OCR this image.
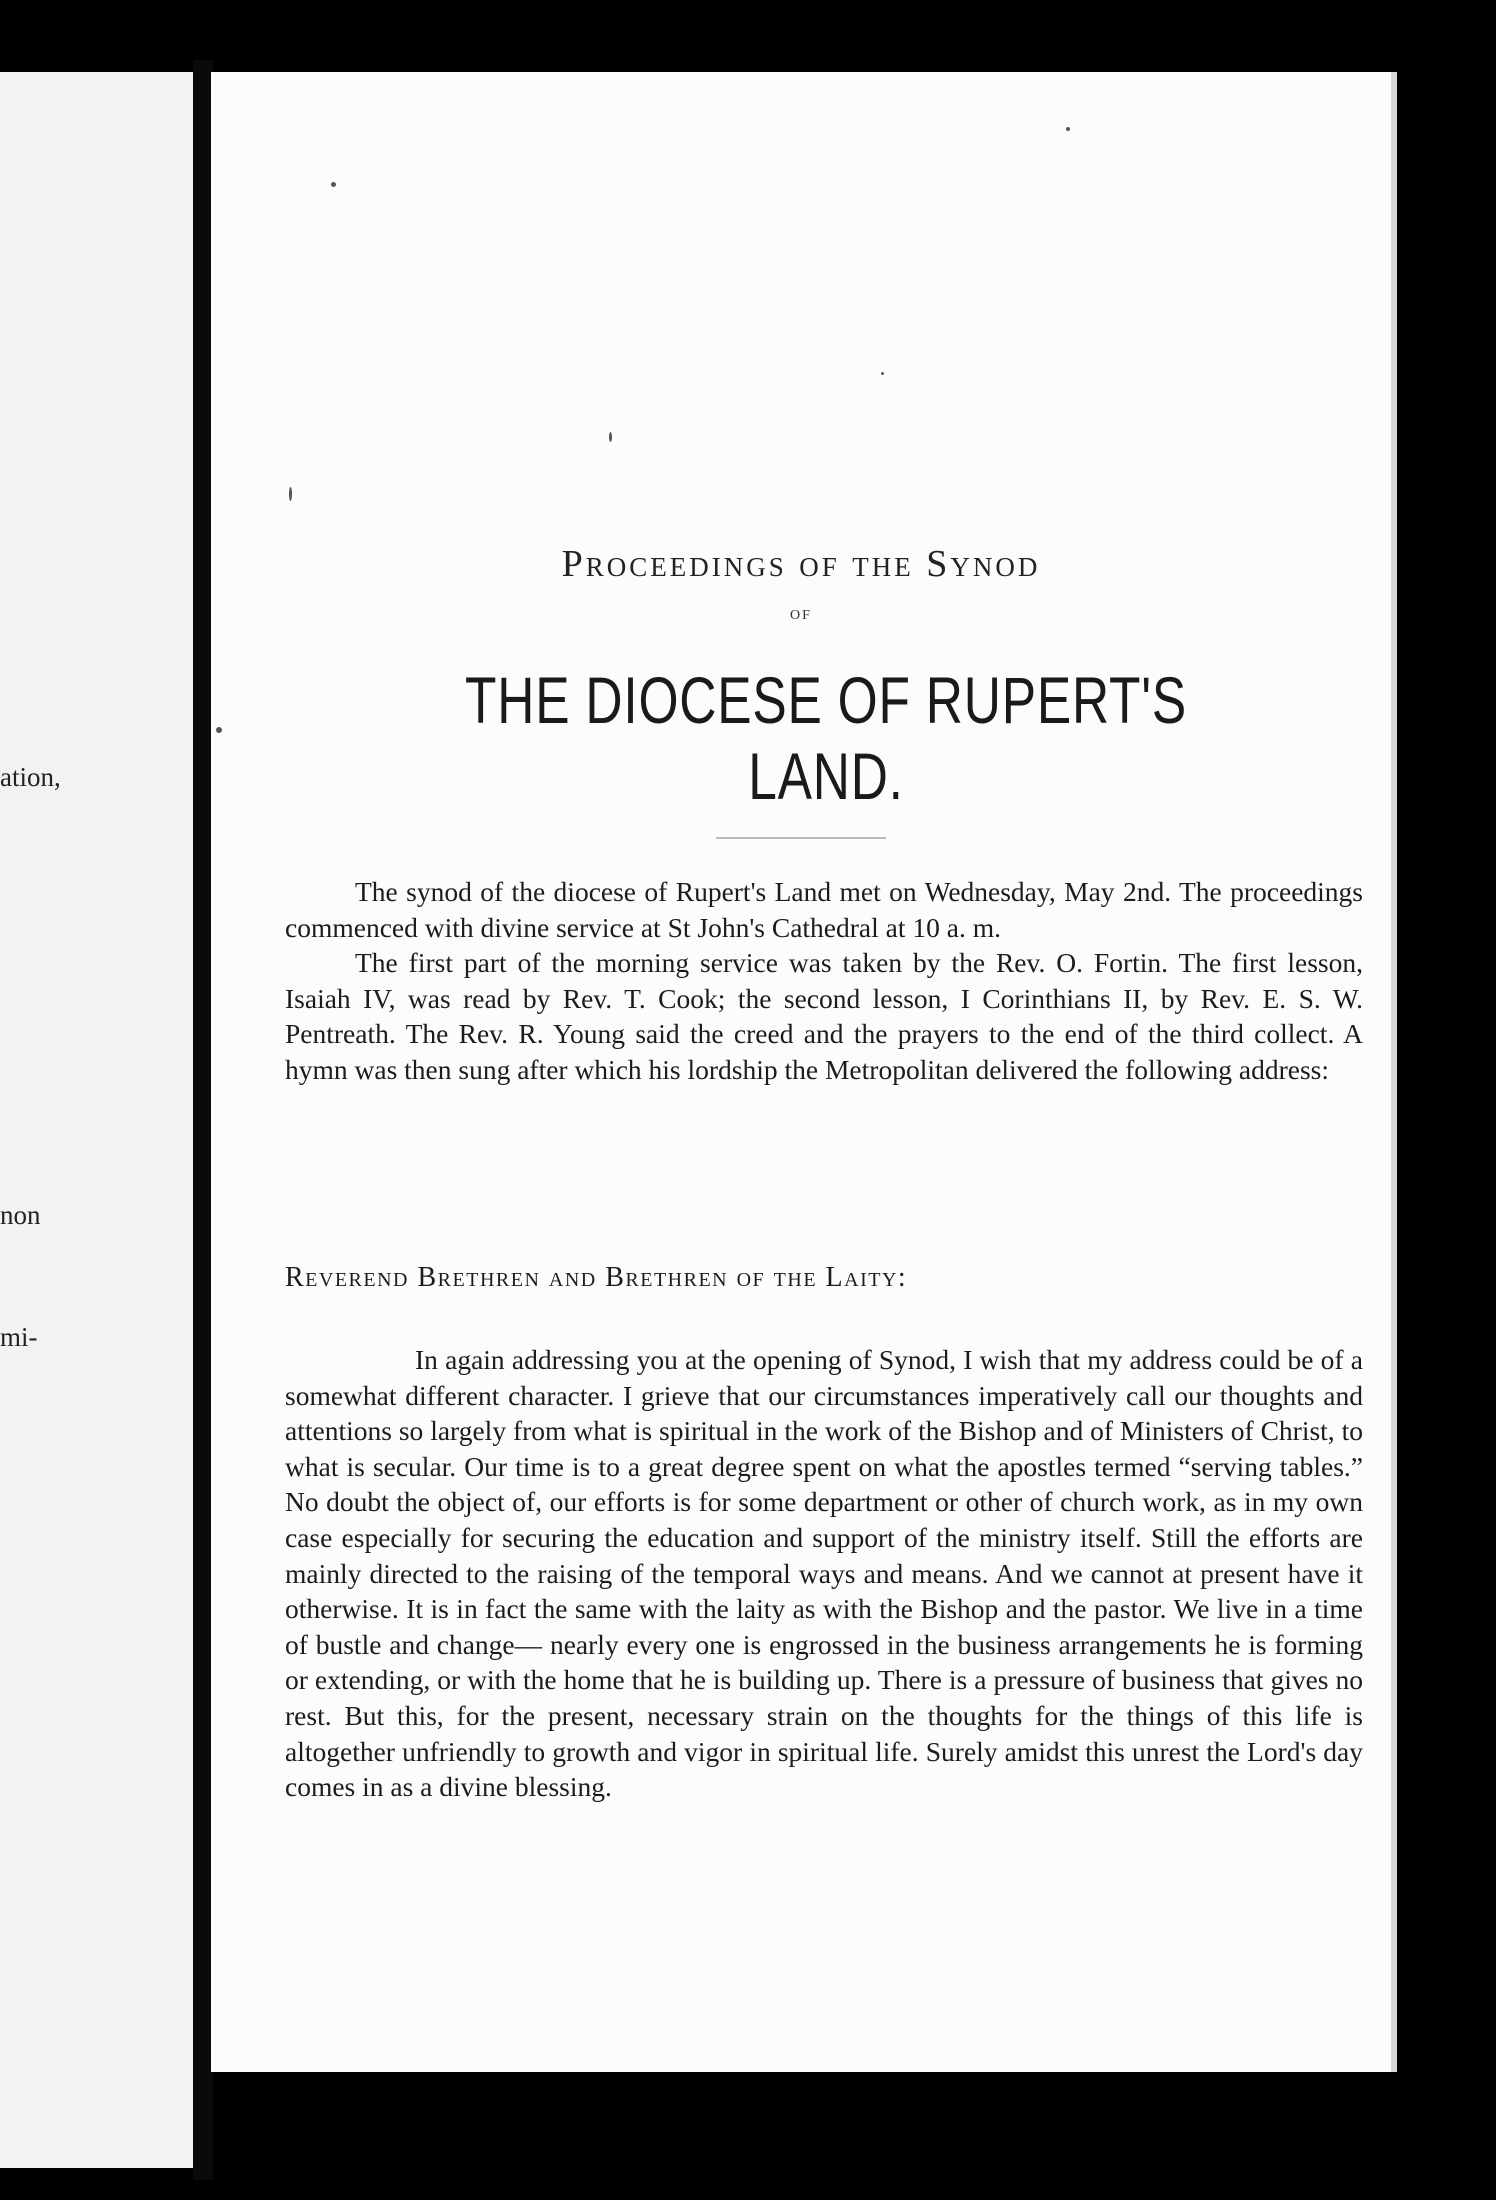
ation,
non
mi-
Proceedings of the Synod
of
THE DIOCESE OF RUPERT'S LAND.

The synod of the diocese of Rupert's Land met on Wednesday, May 2nd. The proceedings commenced with divine service at St John's Cathedral at 10 a. m.

The first part of the morning service was taken by the Rev. O. Fortin. The first lesson, Isaiah IV, was read by Rev. T. Cook; the second lesson, I Corinthians II, by Rev. E. S. W. Pentreath. The Rev. R. Young said the creed and the prayers to the end of the third collect. A hymn was then sung after which his lordship the Metropolitan delivered the following address:

Reverend Brethren and Brethren of the Laity:

In again addressing you at the opening of Synod, I wish that my address could be of a somewhat different character. I grieve that our circumstances imperatively call our thoughts and attentions so largely from what is spiritual in the work of the Bishop and of Ministers of Christ, to what is secular. Our time is to a great degree spent on what the apostles termed “serving tables.” No doubt the object of, our efforts is for some department or other of church work, as in my own case especially for securing the education and support of the ministry itself. Still the efforts are mainly directed to the raising of the temporal ways and means. And we cannot at present have it otherwise. It is in fact the same with the laity as with the Bishop and the pastor. We live in a time of bustle and change— nearly every one is engrossed in the business arrangements he is forming or extending, or with the home that he is building up. There is a pressure of business that gives no rest. But this, for the present, necessary strain on the thoughts for the things of this life is altogether unfriendly to growth and vigor in spiritual life. Surely amidst this unrest the Lord's day comes in as a divine blessing.
